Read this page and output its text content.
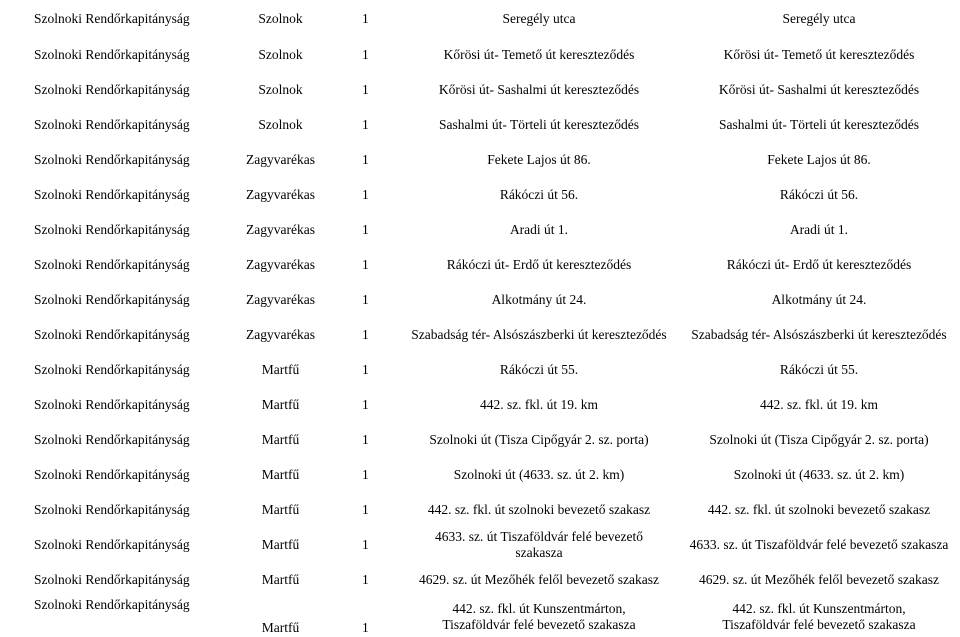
Szolnoki Rendőrkapitányság	Szolnok	1	Seregély utca	Seregély utca
Szolnoki Rendőrkapitányság	Szolnok	1	Kőrösi út- Temető út kereszteződés	Kőrösi út- Temető út kereszteződés
Szolnoki Rendőrkapitányság	Szolnok	1	Kőrösi út- Sashalmi út kereszteződés	Kőrösi út- Sashalmi út kereszteződés
Szolnoki Rendőrkapitányság	Szolnok	1	Sashalmi út- Törteli út kereszteződés	Sashalmi út- Törteli út kereszteződés
Szolnoki Rendőrkapitányság	Zagyvarékas	1	Fekete Lajos út 86.	Fekete Lajos út 86.
Szolnoki Rendőrkapitányság	Zagyvarékas	1	Rákóczi út 56.	Rákóczi út 56.
Szolnoki Rendőrkapitányság	Zagyvarékas	1	Aradi út 1.	Aradi út 1.
Szolnoki Rendőrkapitányság	Zagyvarékas	1	Rákóczi út- Erdő út kereszteződés	Rákóczi út- Erdő út kereszteződés
Szolnoki Rendőrkapitányság	Zagyvarékas	1	Alkotmány út 24.	Alkotmány út 24.
Szolnoki Rendőrkapitányság	Zagyvarékas	1	Szabadság tér- Alsószászberki út kereszteződés	Szabadság tér- Alsószászberki út kereszteződés
Szolnoki Rendőrkapitányság	Martfű	1	Rákóczi út 55.	Rákóczi út 55.
Szolnoki Rendőrkapitányság	Martfű	1	442. sz. fkl. út 19. km	442. sz. fkl. út 19. km
Szolnoki Rendőrkapitányság	Martfű	1	Szolnoki út (Tisza Cipőgyár 2. sz. porta)	Szolnoki út (Tisza Cipőgyár 2. sz. porta)
Szolnoki Rendőrkapitányság	Martfű	1	Szolnoki út (4633. sz. út 2. km)	Szolnoki út (4633. sz. út 2. km)
Szolnoki Rendőrkapitányság	Martfű	1	442. sz. fkl. út szolnoki bevezető szakasz	442. sz. fkl. út szolnoki bevezető szakasz
Szolnoki Rendőrkapitányság	Martfű	1	4633. sz. út Tiszaföldvár felé bevezető szakasza	4633. sz. út Tiszaföldvár felé bevezető szakasza
Szolnoki Rendőrkapitányság	Martfű	1	4629. sz. út Mezőhék felől bevezető szakasz	4629. sz. út Mezőhék felől bevezető szakasz
Szolnoki Rendőrkapitányság	Martfű	1	442. sz. fkl. út Kunszentmárton, Tiszaföldvár felé bevezető szakasza	442. sz. fkl. út Kunszentmárton, Tiszaföldvár felé bevezető szakasza
